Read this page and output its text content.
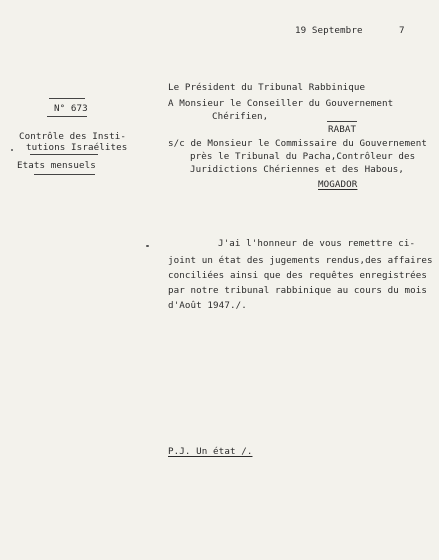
19 Septembre	7
Le Président du Tribunal Rabbinique
A Monsieur le Conseiller du Gouvernement
Chérifien,
RABAT
s/c de Monsieur le Commissaire du Gouvernement
près le Tribunal du Pacha,Contrôleur des
Juridictions Chériennes et des Habous,
MOGADOR
N° 673
Contrôle des Insti-
tutions Israélites
Etats mensuels
J'ai l'honneur de vous remettre ci-
joint un état des jugements rendus,des affaires
conciliées ainsi que des requêtes enregistrées
par notre tribunal rabbinique au cours du mois
d'Août 1947./.
P.J. Un état /.
